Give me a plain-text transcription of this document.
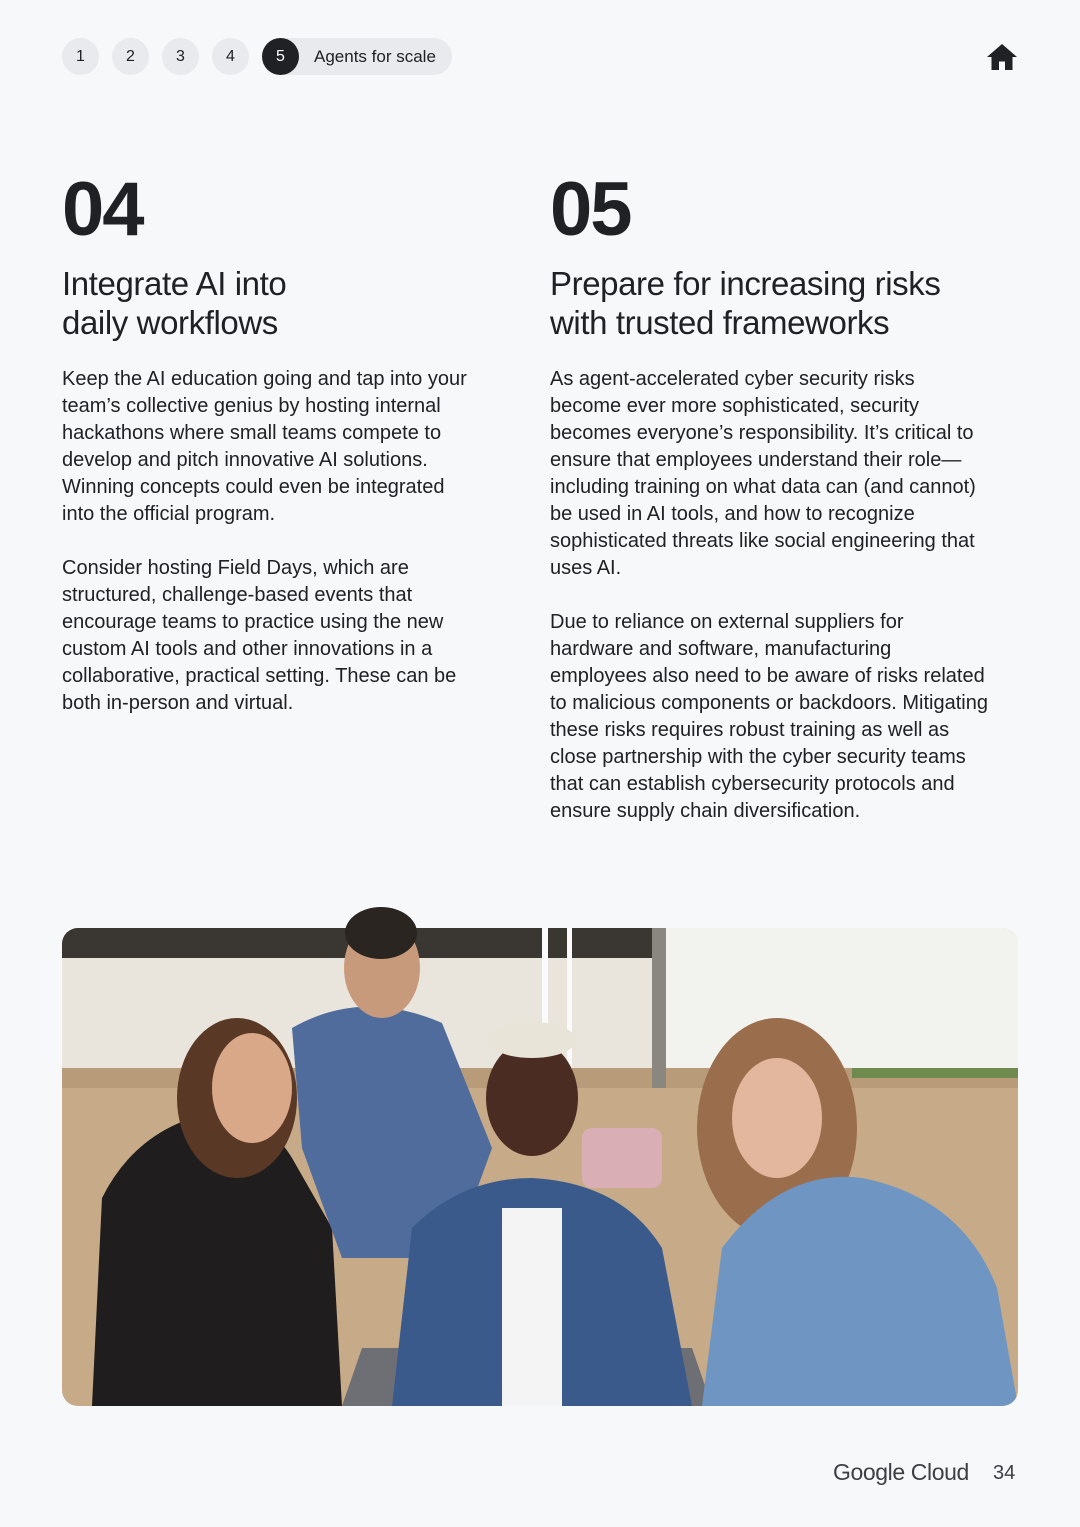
1	2	3	4	5	Agents for scale
04
Integrate AI into
daily workflows

Keep the AI education going and tap into your team’s collective genius by hosting internal hackathons where small teams compete to develop and pitch innovative AI solutions. Winning concepts could even be integrated into the official program.

Consider hosting Field Days, which are structured, challenge-based events that encourage teams to practice using the new custom AI tools and other innovations in a collaborative, practical setting. These can be both in-person and virtual.

05
Prepare for increasing risks
with trusted frameworks

As agent-accelerated cyber security risks become ever more sophisticated, security becomes everyone’s responsibility. It’s critical to ensure that employees understand their role—including training on what data can (and cannot) be used in AI tools, and how to recognize sophisticated threats like social engineering that uses AI.

Due to reliance on external suppliers for hardware and software, manufacturing employees also need to be aware of risks related to malicious components or backdoors. Mitigating these risks requires robust training as well as close partnership with the cyber security teams that can establish cybersecurity protocols and ensure supply chain diversification.

Google Cloud 34
